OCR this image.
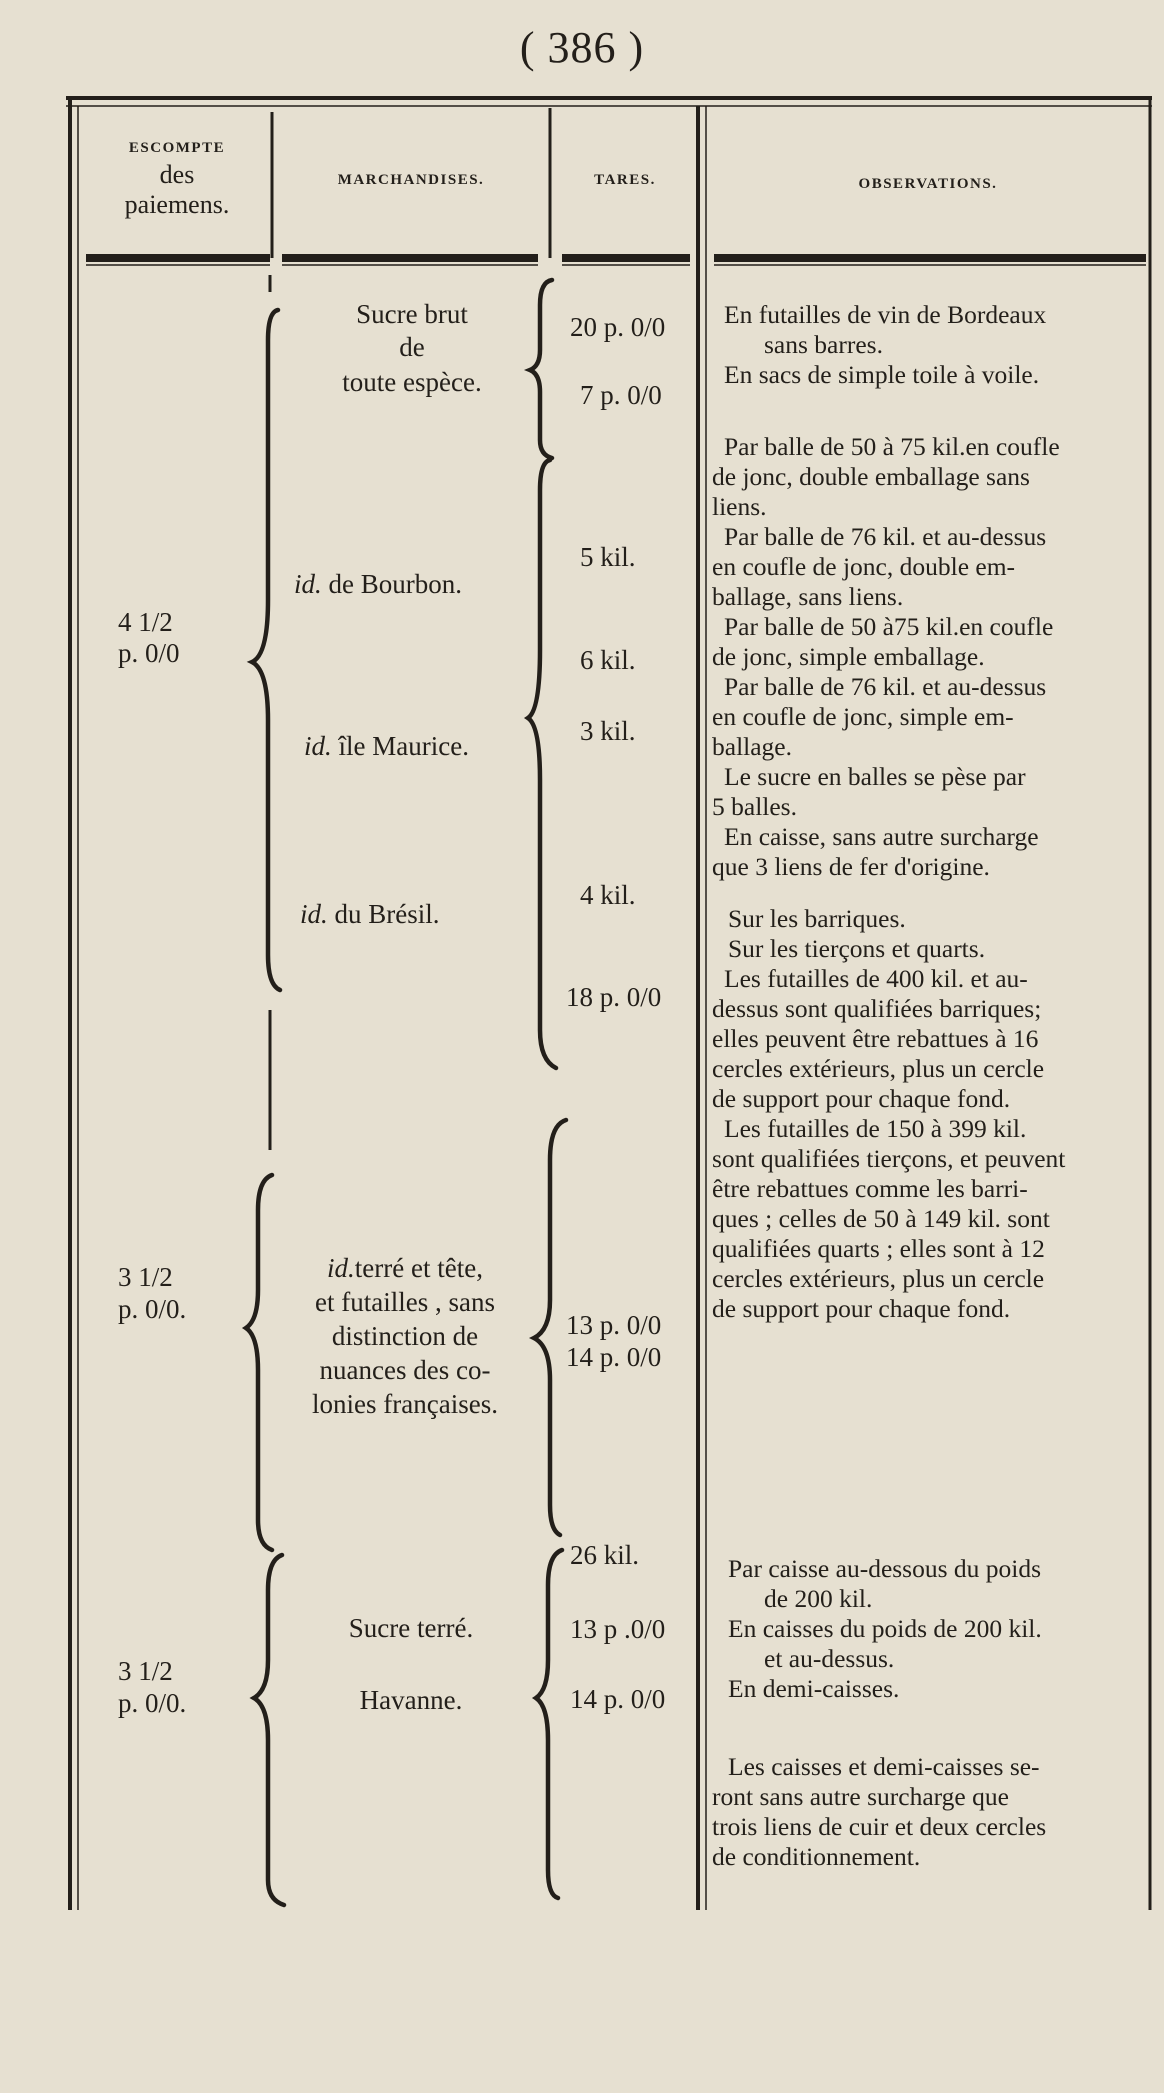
( 386 )
ESCOMPTE
des
paiemens.
MARCHANDISES.	TARES.	OBSERVATIONS.
4 1/2
p. 0/0
Sucre brut
de
toute espèce.
id. de Bourbon.
id. île Maurice.
id. du Brésil.
20 p. 0/0
7 p. 0/0
5 kil.
6 kil.
3 kil.
4 kil.
18 p. 0/0
En futailles de vin de Bordeaux
sans barres.
En sacs de simple toile à voile.
Par balle de 50 à 75 kil.en coufle
de jonc, double emballage sans
liens.
Par balle de 76 kil. et au-dessus
en coufle de jonc, double em-
ballage, sans liens.
Par balle de 50 à75 kil.en coufle
de jonc, simple emballage.
Par balle de 76 kil. et au-dessus
en coufle de jonc, simple em-
ballage.
Le sucre en balles se pèse par
5 balles.
En caisse, sans autre surcharge
que 3 liens de fer d'origine.
Sur les barriques.
Sur les tierçons et quarts.
Les futailles de 400 kil. et au-
dessus sont qualifiées barriques;
elles peuvent être rebattues à 16
cercles extérieurs, plus un cercle
de support pour chaque fond.
Les futailles de 150 à 399 kil.
sont qualifiées tierçons, et peuvent
être rebattues comme les barri-
ques ; celles de 50 à 149 kil. sont
qualifiées quarts ; elles sont à 12
cercles extérieurs, plus un cercle
de support pour chaque fond.
3 1/2
p. 0/0.
id.terré et tête,
et futailles , sans
distinction de
nuances des co-
lonies françaises.
13 p. 0/0
14 p. 0/0
3 1/2
p. 0/0.
Sucre terré.
Havanne.
26 kil.
13 p .0/0
14 p. 0/0
Par caisse au-dessous du poids
de 200 kil.
En caisses du poids de 200 kil.
et au-dessus.
En demi-caisses.
Les caisses et demi-caisses se-
ront sans autre surcharge que
trois liens de cuir et deux cercles
de conditionnement.
